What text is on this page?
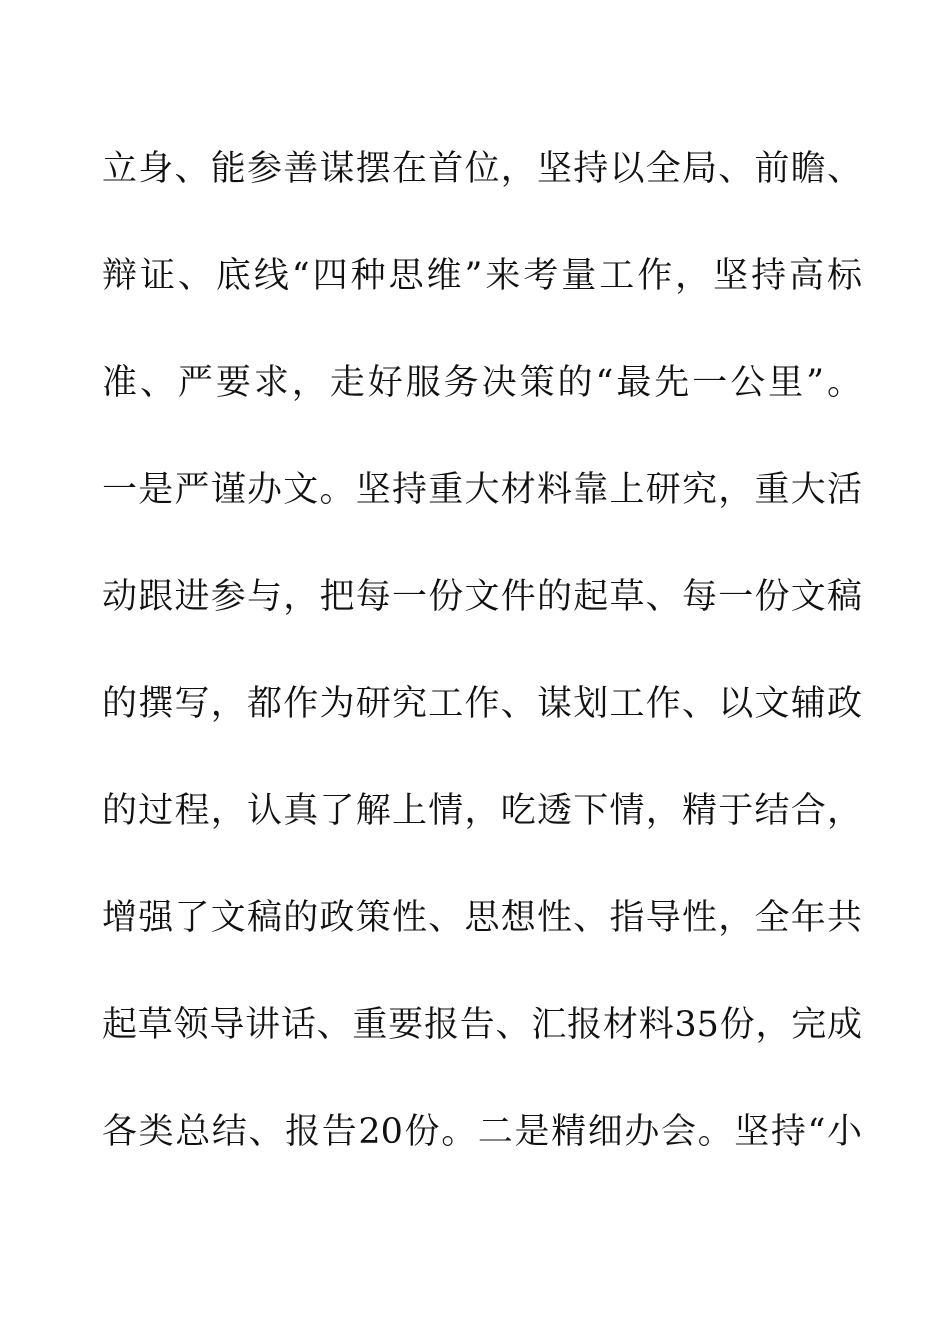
立身、能参善谋摆在首位，坚持以全局、前瞻、
辩证、底线“四种思维”来考量工作，坚持高标
准、严要求，走好服务决策的“最先一公里”。
一是严谨办文。坚持重大材料靠上研究，重大活
动跟进参与，把每一份文件的起草、每一份文稿
的撰写，都作为研究工作、谋划工作、以文辅政
的过程，认真了解上情，吃透下情，精于结合，
增强了文稿的政策性、思想性、指导性，全年共
起草领导讲话、重要报告、汇报材料35份，完成
各类总结、报告20份。二是精细办会。坚持“小
